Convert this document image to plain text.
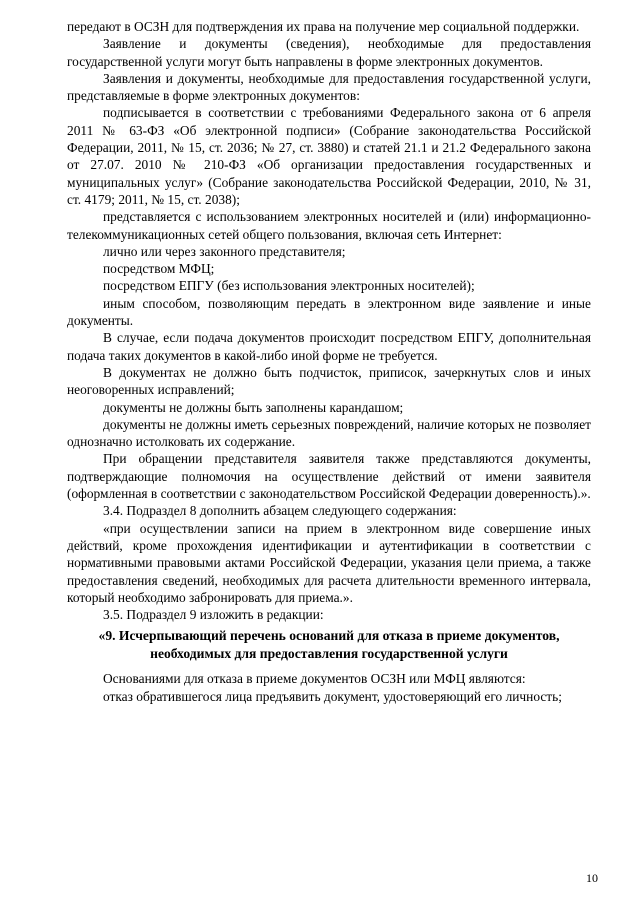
передают в ОСЗН для подтверждения их права на получение мер социальной поддержки.

Заявление и документы (сведения), необходимые для предоставления государственной услуги могут быть направлены в форме электронных документов.

Заявления и документы, необходимые для предоставления государственной услуги, представляемые в форме электронных документов:

подписывается в соответствии с требованиями Федерального закона от 6 апреля 2011 № 63-ФЗ «Об электронной подписи» (Собрание законодательства Российской Федерации, 2011, № 15, ст. 2036; № 27, ст. 3880) и статей 21.1 и 21.2 Федерального закона от 27.07. 2010 № 210-ФЗ «Об организации предоставления государственных и муниципальных услуг» (Собрание законодательства Российской Федерации, 2010, № 31, ст. 4179; 2011, № 15, ст. 2038);

представляется с использованием электронных носителей и (или) информационно-телекоммуникационных сетей общего пользования, включая сеть Интернет:

лично или через законного представителя;

посредством МФЦ;

посредством ЕПГУ (без использования электронных носителей);

иным способом, позволяющим передать в электронном виде заявление и иные документы.

В случае, если подача документов происходит посредством ЕПГУ, дополнительная подача таких документов в какой-либо иной форме не требуется.

В документах не должно быть подчисток, приписок, зачеркнутых слов и иных неоговоренных исправлений;

документы не должны быть заполнены карандашом;

документы не должны иметь серьезных повреждений, наличие которых не позволяет однозначно истолковать их содержание.

При обращении представителя заявителя также представляются документы, подтверждающие полномочия на осуществление действий от имени заявителя (оформленная в соответствии с законодательством Российской Федерации доверенность).».

3.4. Подраздел 8 дополнить абзацем следующего содержания:

«при осуществлении записи на прием в электронном виде совершение иных действий, кроме прохождения идентификации и аутентификации в соответствии с нормативными правовыми актами Российской Федерации, указания цели приема, а также предоставления сведений, необходимых для расчета длительности временного интервала, который необходимо забронировать для приема.».

3.5. Подраздел 9 изложить в редакции:

«9. Исчерпывающий перечень оснований для отказа в приеме документов,
необходимых для предоставления государственной услуги

Основаниями для отказа в приеме документов ОСЗН или МФЦ являются:

отказ обратившегося лица предъявить документ, удостоверяющий его личность;

10
